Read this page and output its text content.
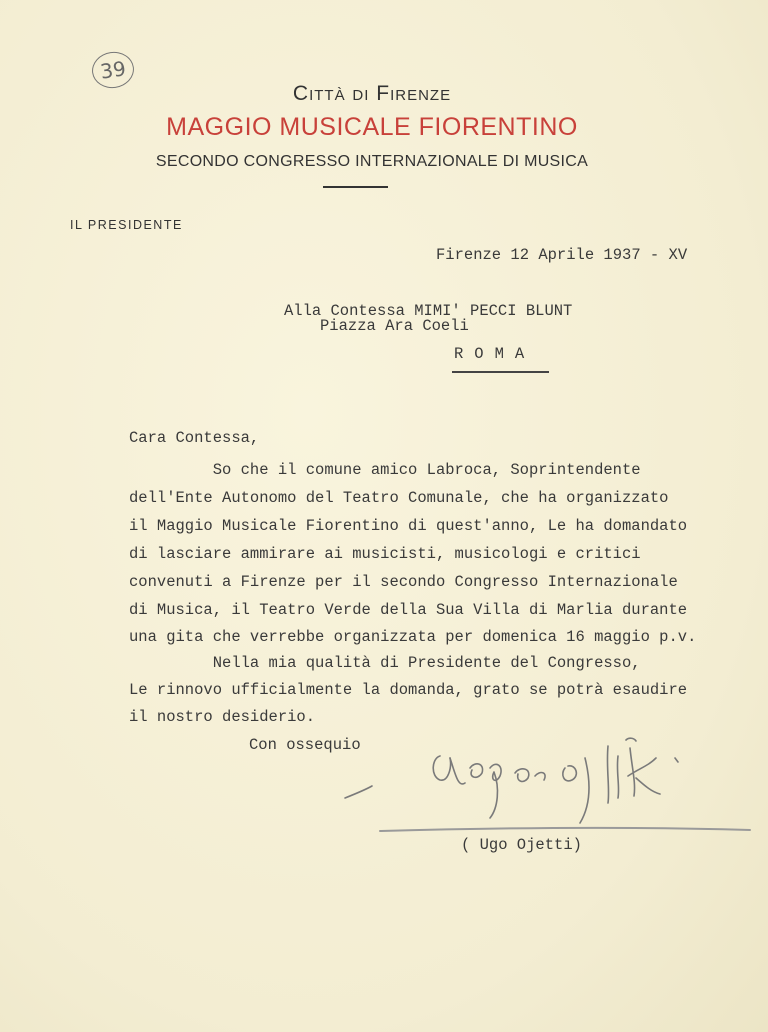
39
Città di Firenze
MAGGIO MUSICALE FIORENTINO
SECONDO CONGRESSO INTERNAZIONALE DI MUSICA
IL PRESIDENTE
Firenze 12 Aprile 1937 - XV
Alla Contessa MIMI' PECCI BLUNT
Piazza Ara Coeli
ROMA
Cara Contessa,
So che il comune amico Labroca, Soprintendente
dell'Ente Autonomo del Teatro Comunale, che ha organizzato
il Maggio Musicale Fiorentino di quest'anno, Le ha domandato
di lasciare ammirare ai musicisti, musicologi e critici
convenuti a Firenze per il secondo Congresso Internazionale
di Musica, il Teatro Verde della Sua Villa di Marlia durante
una gita che verrebbe organizzata per domenica 16 maggio p.v.
Nella mia qualità di Presidente del Congresso,
Le rinnovo ufficialmente la domanda, grato se potrà esaudire
il nostro desiderio.
Con ossequio
( Ugo Ojetti)
